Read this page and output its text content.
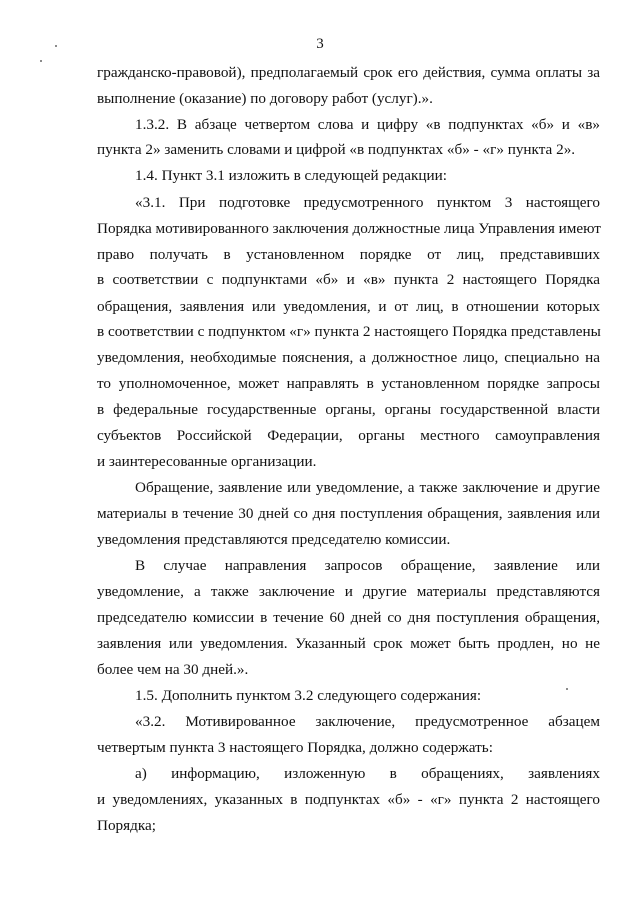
3
гражданско-правовой), предполагаемый срок его действия, сумма оплаты за
выполнение (оказание) по договору работ (услуг).».
1.3.2. В абзаце четвертом слова и цифру «в подпунктах «б» и «в»
пункта 2» заменить словами и цифрой «в подпунктах «б» - «г» пункта 2».
1.4. Пункт 3.1 изложить в следующей редакции:
«3.1. При подготовке предусмотренного пунктом 3 настоящего
Порядка мотивированного заключения должностные лица Управления имеют
право получать в установленном порядке от лиц, представивших
в соответствии с подпунктами «б» и «в» пункта 2 настоящего Порядка
обращения, заявления или уведомления, и от лиц, в отношении которых
в соответствии с подпунктом «г» пункта 2 настоящего Порядка представлены
уведомления, необходимые пояснения, а должностное лицо, специально на
то уполномоченное, может направлять в установленном порядке запросы
в федеральные государственные органы, органы государственной власти
субъектов Российской Федерации, органы местного самоуправления
и заинтересованные организации.
Обращение, заявление или уведомление, а также заключение и другие
материалы в течение 30 дней со дня поступления обращения, заявления или
уведомления представляются председателю комиссии.
В случае направления запросов обращение, заявление или
уведомление, а также заключение и другие материалы представляются
председателю комиссии в течение 60 дней со дня поступления обращения,
заявления или уведомления. Указанный срок может быть продлен, но не
более чем на 30 дней.».
1.5. Дополнить пунктом 3.2 следующего содержания:
«3.2. Мотивированное заключение, предусмотренное абзацем
четвертым пункта 3 настоящего Порядка, должно содержать:
а) информацию, изложенную в обращениях, заявлениях
и уведомлениях, указанных в подпунктах «б» - «г» пункта 2 настоящего
Порядка;
